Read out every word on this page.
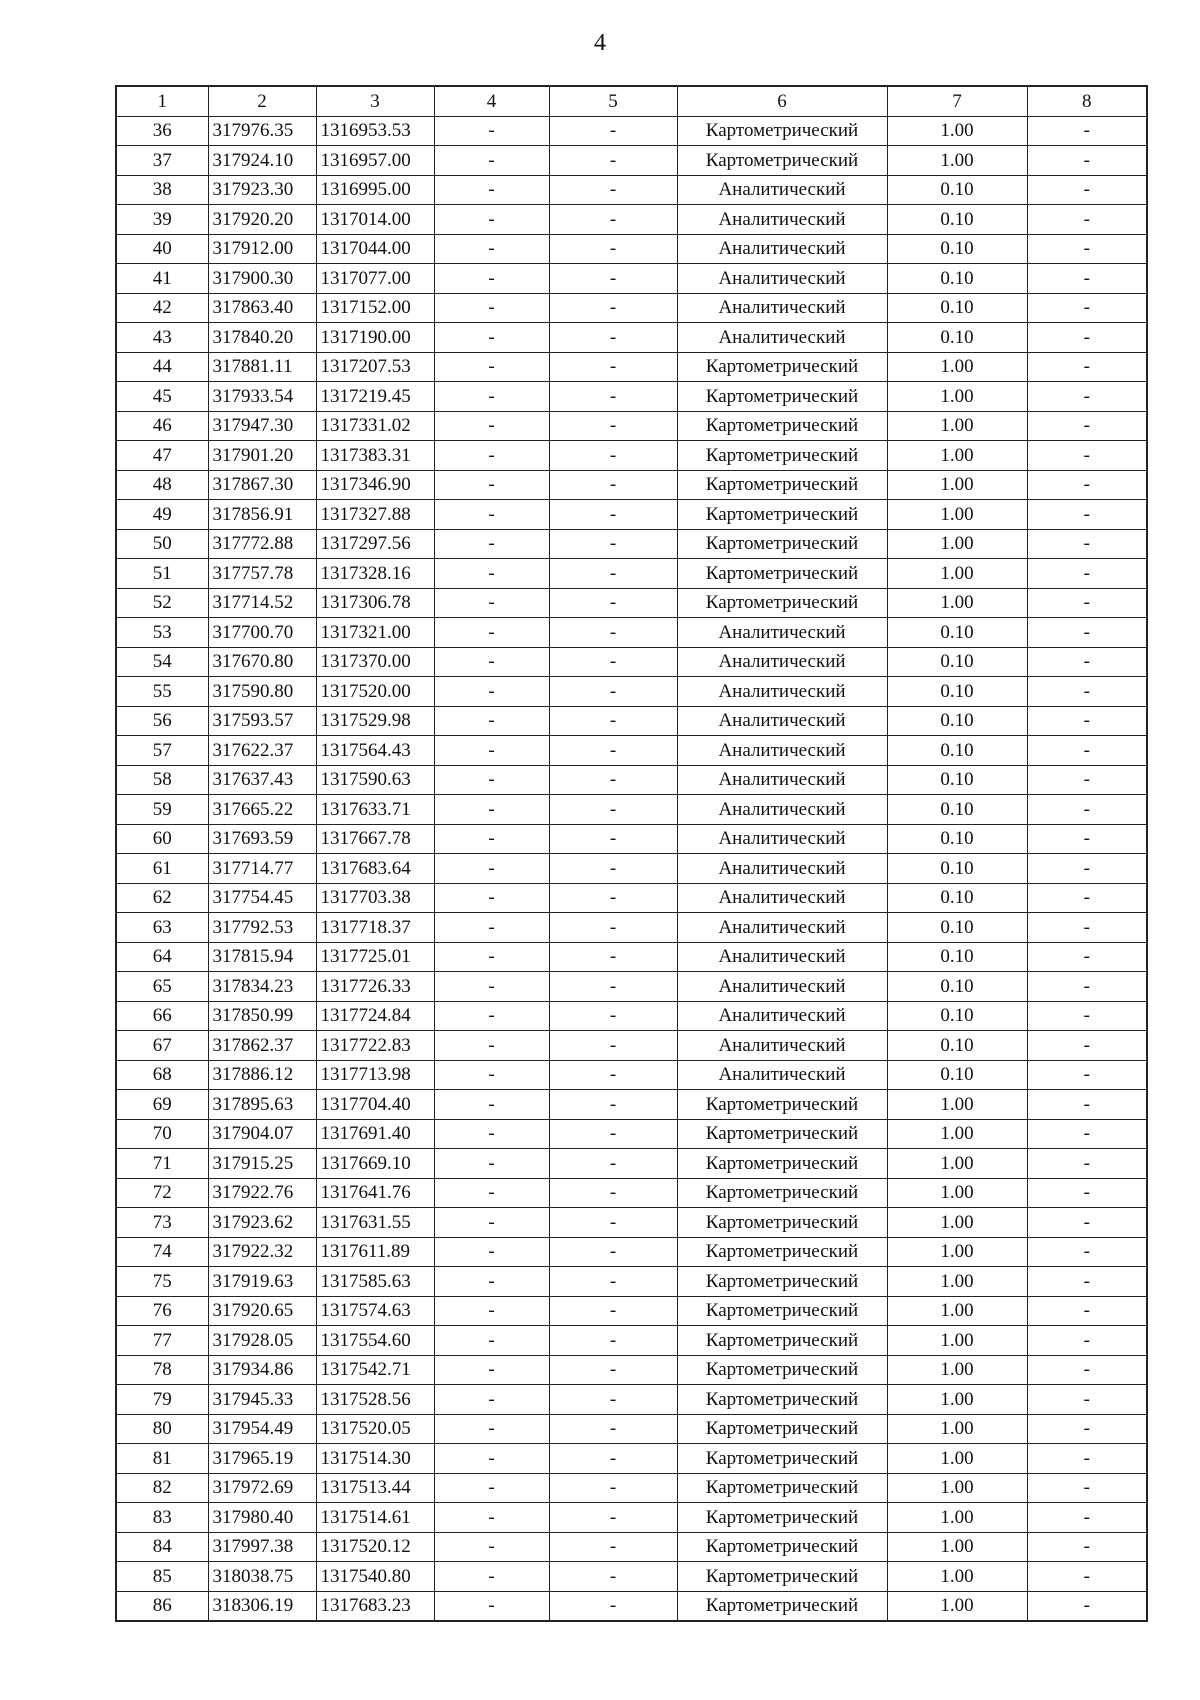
4
1	2	3	4	5	6	7	8
36	317976.35	1316953.53	-	-	Картометрический	1.00	-
37	317924.10	1316957.00	-	-	Картометрический	1.00	-
38	317923.30	1316995.00	-	-	Аналитический	0.10	-
39	317920.20	1317014.00	-	-	Аналитический	0.10	-
40	317912.00	1317044.00	-	-	Аналитический	0.10	-
41	317900.30	1317077.00	-	-	Аналитический	0.10	-
42	317863.40	1317152.00	-	-	Аналитический	0.10	-
43	317840.20	1317190.00	-	-	Аналитический	0.10	-
44	317881.11	1317207.53	-	-	Картометрический	1.00	-
45	317933.54	1317219.45	-	-	Картометрический	1.00	-
46	317947.30	1317331.02	-	-	Картометрический	1.00	-
47	317901.20	1317383.31	-	-	Картометрический	1.00	-
48	317867.30	1317346.90	-	-	Картометрический	1.00	-
49	317856.91	1317327.88	-	-	Картометрический	1.00	-
50	317772.88	1317297.56	-	-	Картометрический	1.00	-
51	317757.78	1317328.16	-	-	Картометрический	1.00	-
52	317714.52	1317306.78	-	-	Картометрический	1.00	-
53	317700.70	1317321.00	-	-	Аналитический	0.10	-
54	317670.80	1317370.00	-	-	Аналитический	0.10	-
55	317590.80	1317520.00	-	-	Аналитический	0.10	-
56	317593.57	1317529.98	-	-	Аналитический	0.10	-
57	317622.37	1317564.43	-	-	Аналитический	0.10	-
58	317637.43	1317590.63	-	-	Аналитический	0.10	-
59	317665.22	1317633.71	-	-	Аналитический	0.10	-
60	317693.59	1317667.78	-	-	Аналитический	0.10	-
61	317714.77	1317683.64	-	-	Аналитический	0.10	-
62	317754.45	1317703.38	-	-	Аналитический	0.10	-
63	317792.53	1317718.37	-	-	Аналитический	0.10	-
64	317815.94	1317725.01	-	-	Аналитический	0.10	-
65	317834.23	1317726.33	-	-	Аналитический	0.10	-
66	317850.99	1317724.84	-	-	Аналитический	0.10	-
67	317862.37	1317722.83	-	-	Аналитический	0.10	-
68	317886.12	1317713.98	-	-	Аналитический	0.10	-
69	317895.63	1317704.40	-	-	Картометрический	1.00	-
70	317904.07	1317691.40	-	-	Картометрический	1.00	-
71	317915.25	1317669.10	-	-	Картометрический	1.00	-
72	317922.76	1317641.76	-	-	Картометрический	1.00	-
73	317923.62	1317631.55	-	-	Картометрический	1.00	-
74	317922.32	1317611.89	-	-	Картометрический	1.00	-
75	317919.63	1317585.63	-	-	Картометрический	1.00	-
76	317920.65	1317574.63	-	-	Картометрический	1.00	-
77	317928.05	1317554.60	-	-	Картометрический	1.00	-
78	317934.86	1317542.71	-	-	Картометрический	1.00	-
79	317945.33	1317528.56	-	-	Картометрический	1.00	-
80	317954.49	1317520.05	-	-	Картометрический	1.00	-
81	317965.19	1317514.30	-	-	Картометрический	1.00	-
82	317972.69	1317513.44	-	-	Картометрический	1.00	-
83	317980.40	1317514.61	-	-	Картометрический	1.00	-
84	317997.38	1317520.12	-	-	Картометрический	1.00	-
85	318038.75	1317540.80	-	-	Картометрический	1.00	-
86	318306.19	1317683.23	-	-	Картометрический	1.00	-
